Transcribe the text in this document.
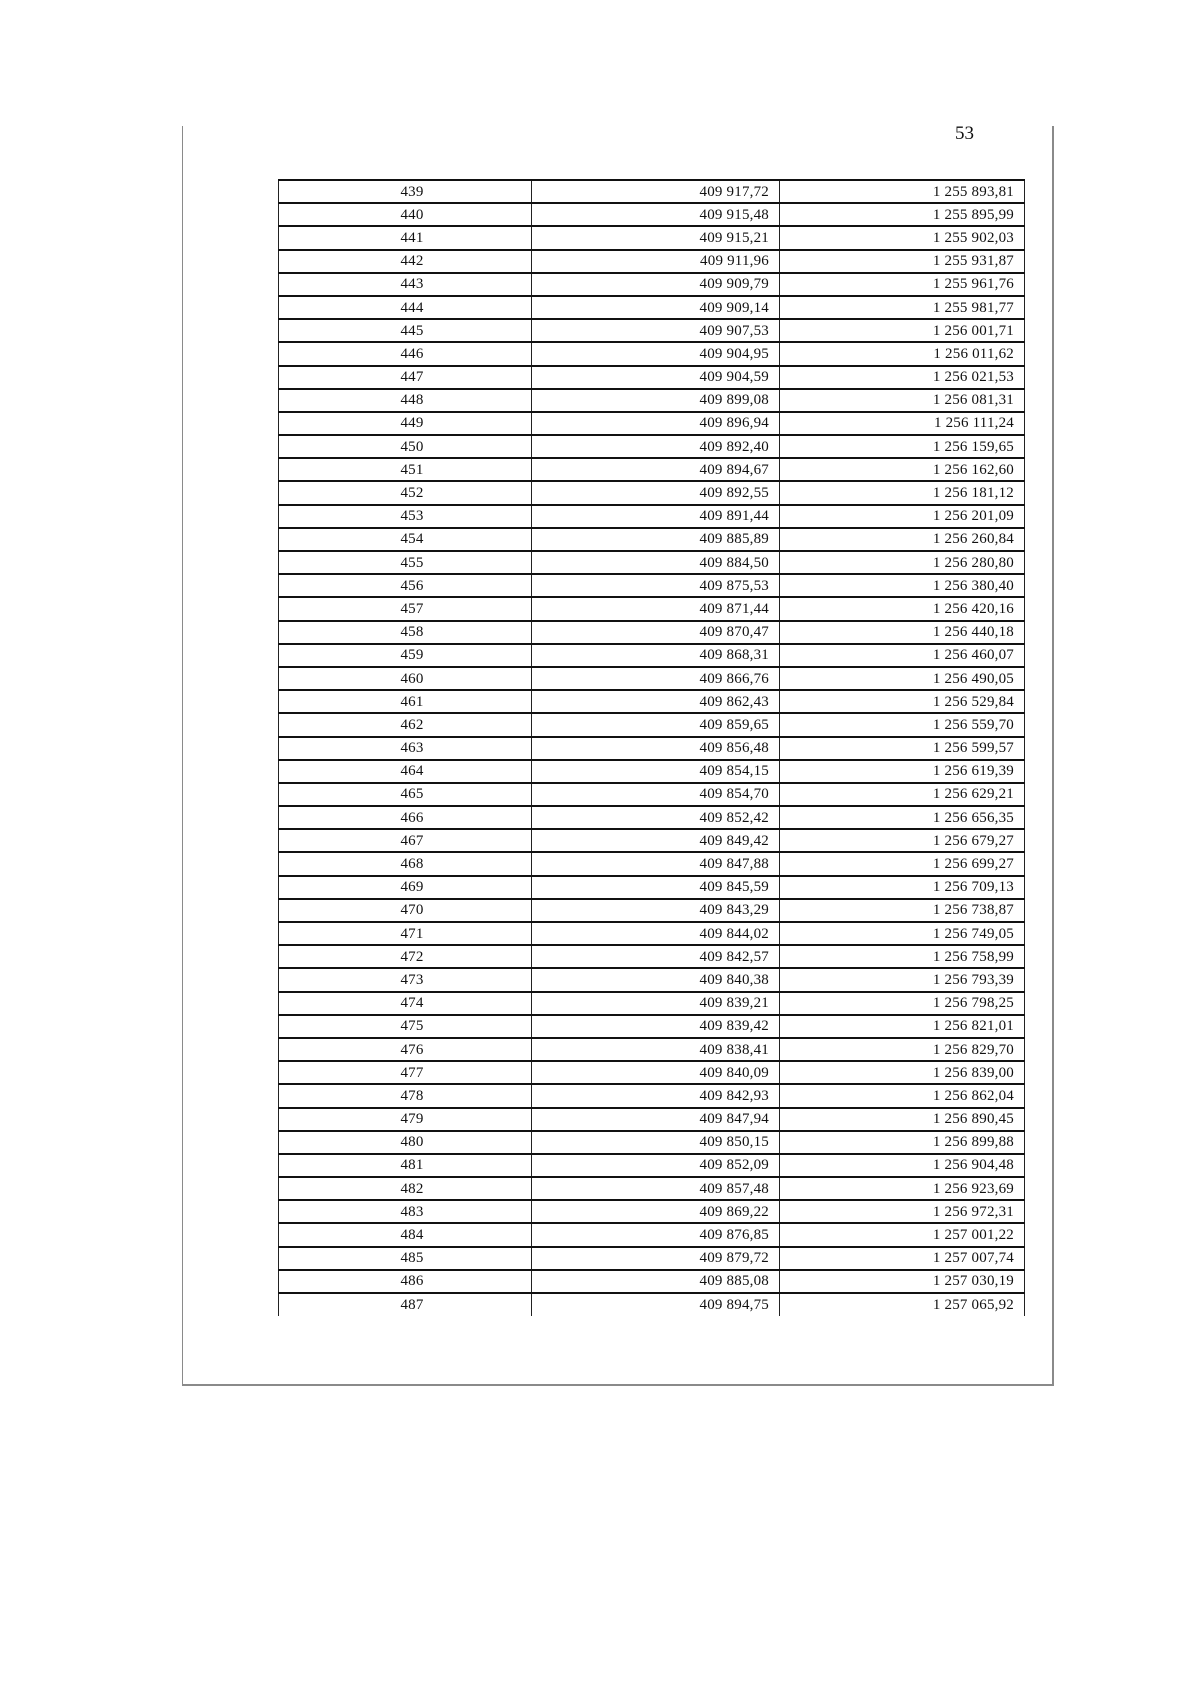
53
439	409 917,72	1 255 893,81
440	409 915,48	1 255 895,99
441	409 915,21	1 255 902,03
442	409 911,96	1 255 931,87
443	409 909,79	1 255 961,76
444	409 909,14	1 255 981,77
445	409 907,53	1 256 001,71
446	409 904,95	1 256 011,62
447	409 904,59	1 256 021,53
448	409 899,08	1 256 081,31
449	409 896,94	1 256 111,24
450	409 892,40	1 256 159,65
451	409 894,67	1 256 162,60
452	409 892,55	1 256 181,12
453	409 891,44	1 256 201,09
454	409 885,89	1 256 260,84
455	409 884,50	1 256 280,80
456	409 875,53	1 256 380,40
457	409 871,44	1 256 420,16
458	409 870,47	1 256 440,18
459	409 868,31	1 256 460,07
460	409 866,76	1 256 490,05
461	409 862,43	1 256 529,84
462	409 859,65	1 256 559,70
463	409 856,48	1 256 599,57
464	409 854,15	1 256 619,39
465	409 854,70	1 256 629,21
466	409 852,42	1 256 656,35
467	409 849,42	1 256 679,27
468	409 847,88	1 256 699,27
469	409 845,59	1 256 709,13
470	409 843,29	1 256 738,87
471	409 844,02	1 256 749,05
472	409 842,57	1 256 758,99
473	409 840,38	1 256 793,39
474	409 839,21	1 256 798,25
475	409 839,42	1 256 821,01
476	409 838,41	1 256 829,70
477	409 840,09	1 256 839,00
478	409 842,93	1 256 862,04
479	409 847,94	1 256 890,45
480	409 850,15	1 256 899,88
481	409 852,09	1 256 904,48
482	409 857,48	1 256 923,69
483	409 869,22	1 256 972,31
484	409 876,85	1 257 001,22
485	409 879,72	1 257 007,74
486	409 885,08	1 257 030,19
487	409 894,75	1 257 065,92
